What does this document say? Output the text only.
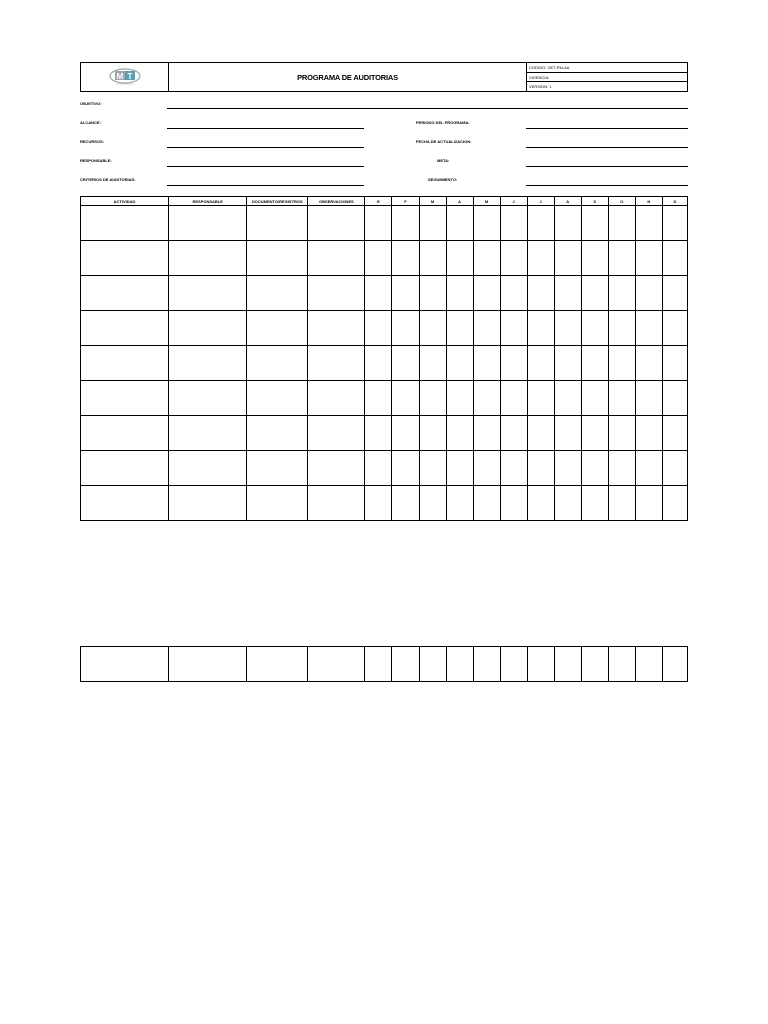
M T	PROGRAMA DE AUDITORIAS
CODIGO: GET-PM-AA
VIGENCIA:
VERSION: 1
OBJETIVO:
ALCANCE:	PERIODO DEL PROGRAMA:
RECURSOS:	FECHA DE ACTUALIZACION:
RESPONSABLE:	META:
CRITERIOS DE AUDITORIAS:	SEGUIMIENTO:
ACTIVIDAD	RESPONSABLE	DOCUMENTO/REGISTROS	OBSERVACIONES	E	F	M	A	M	J	J	A	S	O	N	D
